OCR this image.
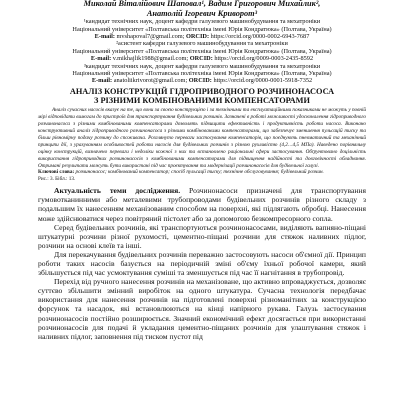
Миколай Віталійович Шаповал¹, Вадим Григорович Михайлик²,
Анатолій Ігоревич Кривоpот³
¹кандидат технічних наук, доцент кафедри галузевого машинобудування та мехатроніки
Національний університет «Полтавська політехніка імені Юрія Кондратюка» (Полтава, Україна)
E-mail: mvshapoval7@gmail.com; ORCID: https://orcid.org/0000-0002-6943-7687
²асистент кафедри галузевого машинобудування та мехатроніки
Національний університет «Полтавська політехніка імені Юрія Кондратюка» (Полтава, Україна)
E-mail: v.mikhajlik1988@gmail.com; ORCID: https://orcid.org/0009-0003-2435-8592
³кандидат технічних наук, доцент кафедри галузевого машинобудування та мехатроніки
Національний університет «Полтавська політехніка імені Юрія Кондратюка» (Полтава, Україна)
E-mail: anatoliikrivorot@gmail.com; ORCID: https://orcid.org/0000-0001-5918-7352
АНАЛІЗ КОНСТРУКЦІЙ ГІДРОПРИВОДНОГО РОЗЧИНОНАСОСА
З РІЗНИМИ КОМБІНОВАНИМИ КОМПЕНСАТОРАМИ
Аналіз сучасних насосів вказує на те, що вони за своєю конструкцією і за технічними та експлуатаційними показниками не можуть у повній мірі відповідати вимогам до пристроїв для транспортування будівельних розчинів. Зазначені в роботі можливості удосконалення гідроприводного розчинонасоса з різними комбінованими компенсаторами дозволять підвищити ефективність і продуктивність роботи насоса. Виконано конструктивний аналіз гідроприводного розчинонасоса з різними комбінованими компенсаторами, що забезпечує зменшення пульсацій тиску та більш рівномірну подачу розчину до споживача. Розглянуто переваги застосування компенсаторів, що поєднують пневматичний та механічний принципи дії, з урахуванням особливостей роботи насосів для будівельних розчинів з різною рухливістю (4,2…4,5 МПа). Наведено порівняльну оцінку конструкцій, визначено переваги і недоліки кожної з них та встановлено раціональні сфери застосування. Обґрунтовано доцільність використання гідроприводних розчинонасосів з комбінованими компенсаторами для підвищення надійності та довговічності обладнання. Отримані результати можуть бути використані під час проєктування та модернізації розчинонасосів для будівельної галузі.
Ключові слова: розчинонасос; комбінований компенсатор; спосіб пульсації тиску; технічне обслуговування; будівельний розчин.
Рис.: 3. Бібл.: 13.

Актуальність теми дослідження. Розчинонасоси призначені для транспортування гумовотканинними або металевими трубопроводами будівельних розчинів різного складу з подальшим їх нанесенням механізованим способом на поверхні, які підлягають обробці. Нанесення може здійснюватися через повітряний пістолет або за допомогою безкомпресорного сопла.

Серед будівельних розчинів, які транспортуються розчинонасосами, виділяють вапняно-піщані штукатурні розчини різної рухомості, цементно-піщані розчини для стяжок наливних підлог, розчини на основі клеїв та інші.

Для перекачування будівельних розчинів переважно застосовують насоси об'ємної дії. Принцип роботи таких насосів базується на періодичній зміні об'єму їхньої робочої камери, який збільшується під час усмоктування суміші та зменшується під час її нагнітання в трубопровід.

Перехід від ручного нанесення розчинів на механізоване, що активно впроваджується, дозволяє суттєво збільшити змінний виробіток на одного штукатура. Сучасна технологія передбачає використання для нанесення розчинів на підготовлені поверхні різноманітних за конструкцією форсунок та насадок, які встановлюються на кінці напірного рукава. Галузь застосування розчинонасосів постійно розширюється. Значний економічний ефект досягається при використанні розчинонасосів для подачі й укладання цементно-піщаних розчинів для улаштування стяжок і наливних підлог, заповнення під тиском пустот під
